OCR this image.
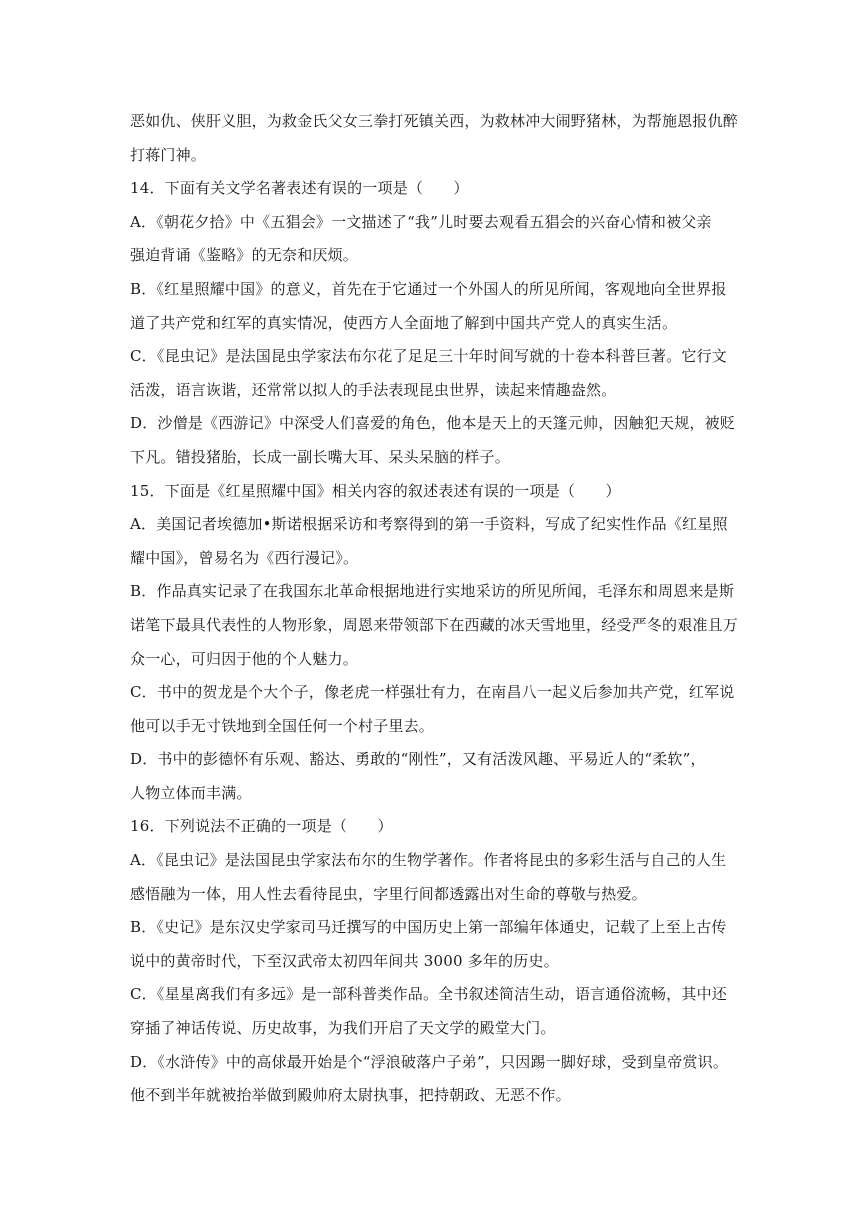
恶如仇、侠肝义胆，为救金氏父女三拳打死镇关西，为救林冲大闹野猪林，为帮施恩报仇醉
打蒋门神。
14．下面有关文学名著表述有误的一项是（　　）
A．《朝花夕拾》中《五猖会》一文描述了“我”儿时要去观看五猖会的兴奋心情和被父亲
强迫背诵《鉴略》的无奈和厌烦。
B．《红星照耀中国》的意义，首先在于它通过一个外国人的所见所闻，客观地向全世界报
道了共产党和红军的真实情况，使西方人全面地了解到中国共产党人的真实生活。
C．《昆虫记》是法国昆虫学家法布尔花了足足三十年时间写就的十卷本科普巨著。它行文
活泼，语言诙谐，还常常以拟人的手法表现昆虫世界，读起来情趣盎然。
D．沙僧是《西游记》中深受人们喜爱的角色，他本是天上的天篷元帅，因触犯天规，被贬
下凡。错投猪胎，长成一副长嘴大耳、呆头呆脑的样子。
15．下面是《红星照耀中国》相关内容的叙述表述有误的一项是（　　）
A．美国记者埃德加•斯诺根据采访和考察得到的第一手资料，写成了纪实性作品《红星照
耀中国》，曾易名为《西行漫记》。
B．作品真实记录了在我国东北革命根据地进行实地采访的所见所闻，毛泽东和周恩来是斯
诺笔下最具代表性的人物形象，周恩来带领部下在西藏的冰天雪地里，经受严冬的艰准且万
众一心，可归因于他的个人魅力。
C．书中的贺龙是个大个子，像老虎一样强壮有力，在南昌八一起义后参加共产党，红军说
他可以手无寸铁地到全国任何一个村子里去。
D．书中的彭德怀有乐观、豁达、勇敢的“刚性”，又有活泼风趣、平易近人的“柔软”，
人物立体而丰满。
16．下列说法不正确的一项是（　　）
A．《昆虫记》是法国昆虫学家法布尔的生物学著作。作者将昆虫的多彩生活与自己的人生
感悟融为一体，用人性去看待昆虫，字里行间都透露出对生命的尊敬与热爱。
B．《史记》是东汉史学家司马迁撰写的中国历史上第一部编年体通史，记载了上至上古传
说中的黄帝时代，下至汉武帝太初四年间共 3000 多年的历史。
C．《星星离我们有多远》是一部科普类作品。全书叙述简洁生动，语言通俗流畅，其中还
穿插了神话传说、历史故事，为我们开启了天文学的殿堂大门。
D．《水浒传》中的高俅最开始是个“浮浪破落户子弟”，只因踢一脚好球，受到皇帝赏识。
他不到半年就被抬举做到殿帅府太尉执事，把持朝政、无恶不作。
